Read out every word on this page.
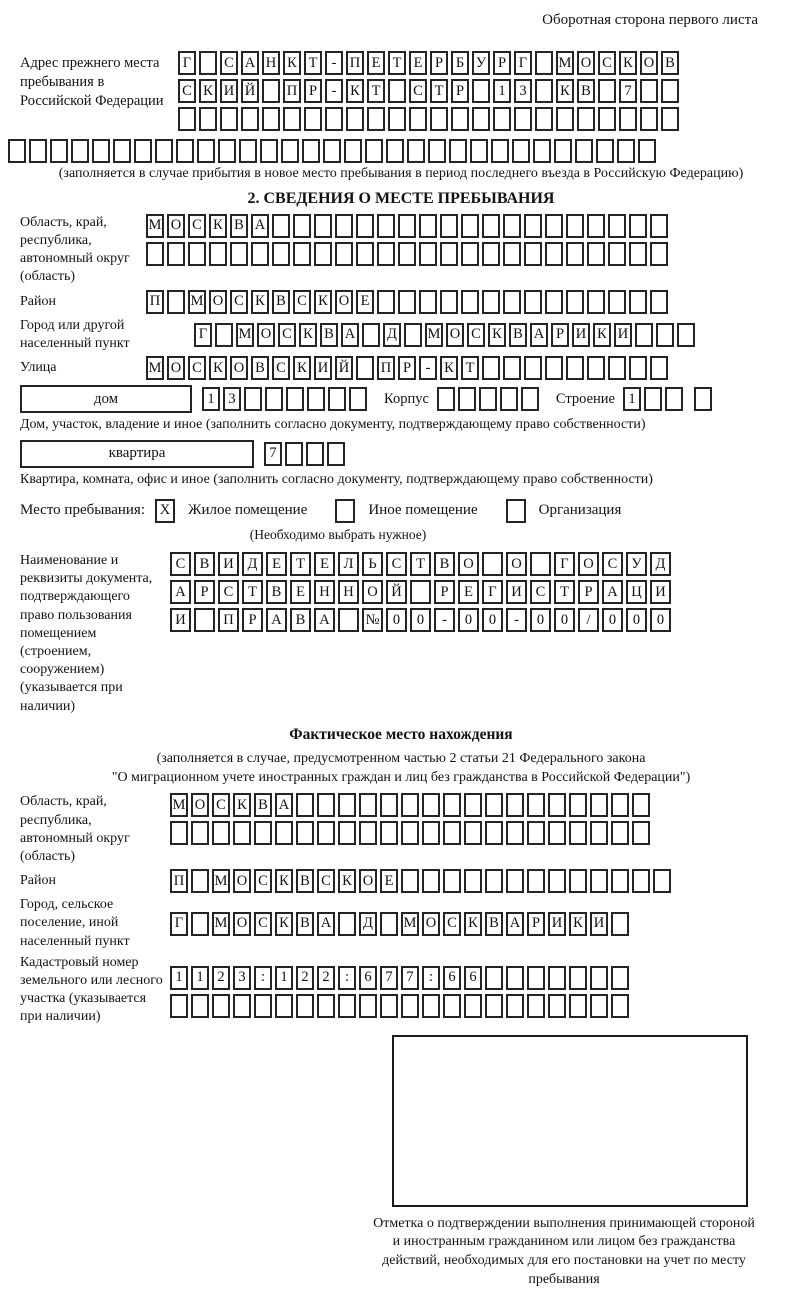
Оборотная сторона первого листа
Адрес прежнего места пребывания в Российской Федерации
Г	С А Н К Т - П Е Т Е Р Б У Р Г	М О С К О В
С К И Й П Р	- К Т	С Т Р	1 3	К В	7
(заполняется в случае прибытия в новое место пребывания в период последнего въезда в Российскую Федерацию)
2. СВЕДЕНИЯ О МЕСТЕ ПРЕБЫВАНИЯ
Область, край, республика, автономный округ (область)
М О С К В А
Район	П М О С К В С К О Е
Город или другой населенный пункт
Г	М О С К В А Д М О С К В А Р И К И
Улица	М О С К О В С К И Й П Р	- К Т
дом	1 3	Корпус	Строение 1
Дом, участок, владение и иное (заполнить согласно документу, подтверждающему право собственности)
квартира	7
Квартира, комната, офис и иное (заполнить согласно документу, подтверждающему право собственности)
Место пребывания:	X	Жилое помещение	Иное помещение	Организация
(Необходимо выбрать нужное)
Наименование и реквизиты документа, подтверждающего право пользования помещением (строением, сооружением) (указывается при наличии)
С В И Д	Е	Т	Е	Л	Ь	С	Т	В О	О	Г	О С У Д
А	Р	С	Т	В	Е Н Н О Й	Р	Е	Г	И С	Т	Р	А Ц И
И	П	Р	А В А	№ 0	0	-	0	0	-	0	0	/	0	0	0
Фактическое место нахождения
(заполняется в случае, предусмотренном частью 2 статьи 21 Федерального закона
"О миграционном учете иностранных граждан и лиц без гражданства в Российской Федерации")
Область, край, республика, автономный округ (область)
М О С К В А
Район	П М О С К В С К О Е
Город, сельское поселение, иной населенный пункт
Г	М О С К В А Д М О С К В А Р И К И
Кадастровый номер земельного или лесного участка (указывается при наличии)
1 1 2 3	:	1 2 2	:	6 7 7	:	6 6
Отметка о подтверждении выполнения принимающей стороной и иностранным гражданином или лицом без гражданства действий, необходимых для его постановки на учет по месту пребывания
